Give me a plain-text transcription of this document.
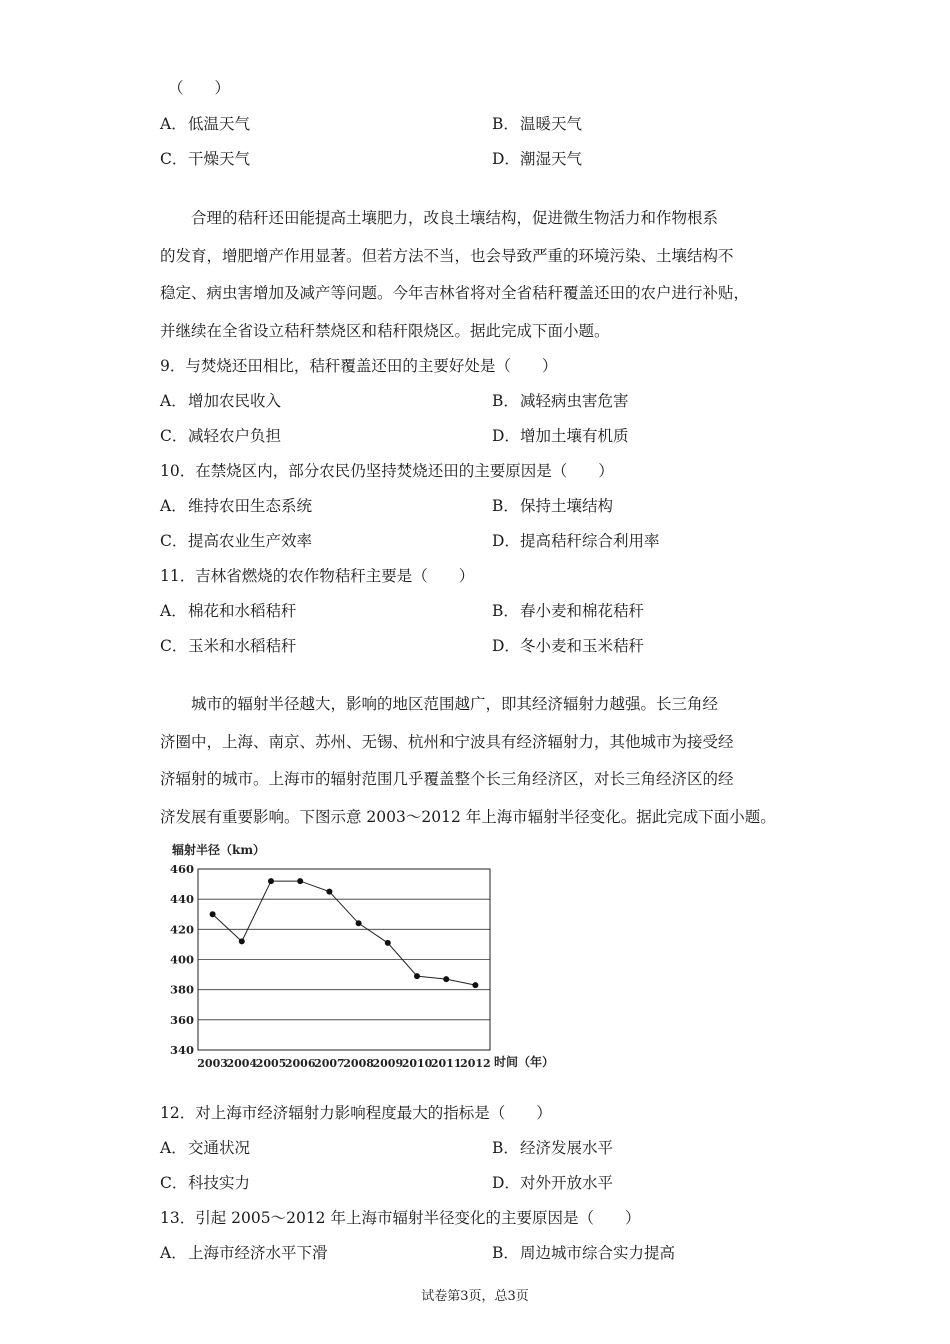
（　　）
A．低温天气	B．温暖天气
C．干燥天气	D．潮湿天气

合理的秸秆还田能提高土壤肥力，改良土壤结构，促进微生物活力和作物根系

的发育，增肥增产作用显著。但若方法不当，也会导致严重的环境污染、土壤结构不

稳定、病虫害增加及减产等问题。今年吉林省将对全省秸秆覆盖还田的农户进行补贴，

并继续在全省设立秸秆禁烧区和秸秆限烧区。据此完成下面小题。

9．与焚烧还田相比，秸秆覆盖还田的主要好处是（　　）
A．增加农民收入	B．减轻病虫害危害
C．减轻农户负担	D．增加土壤有机质
10．在禁烧区内，部分农民仍坚持焚烧还田的主要原因是（　　）
A．维持农田生态系统	B．保持土壤结构
C．提高农业生产效率	D．提高秸秆综合利用率
11．吉林省燃烧的农作物秸秆主要是（　　）
A．棉花和水稻秸秆	B．春小麦和棉花秸秆
C．玉米和水稻秸秆	D．冬小麦和玉米秸秆

城市的辐射半径越大，影响的地区范围越广，即其经济辐射力越强。长三角经

济圈中，上海、南京、苏州、无锡、杭州和宁波具有经济辐射力，其他城市为接受经

济辐射的城市。上海市的辐射范围几乎覆盖整个长三角经济区，对长三角经济区的经

济发展有重要影响。下图示意 2003～2012 年上海市辐射半径变化。据此完成下面小题。

辐射半径（km）
340
360
380
400
420
440
460
2003
2004
2005
2006
2007
2008
2009
2010
2011
2012 时间（年）
12．对上海市经济辐射力影响程度最大的指标是（　　）
A．交通状况	B．经济发展水平
C．科技实力	D．对外开放水平
13．引起 2005～2012 年上海市辐射半径变化的主要原因是（　　）
A．上海市经济水平下滑	B．周边城市综合实力提高
试卷第3页，总3页
